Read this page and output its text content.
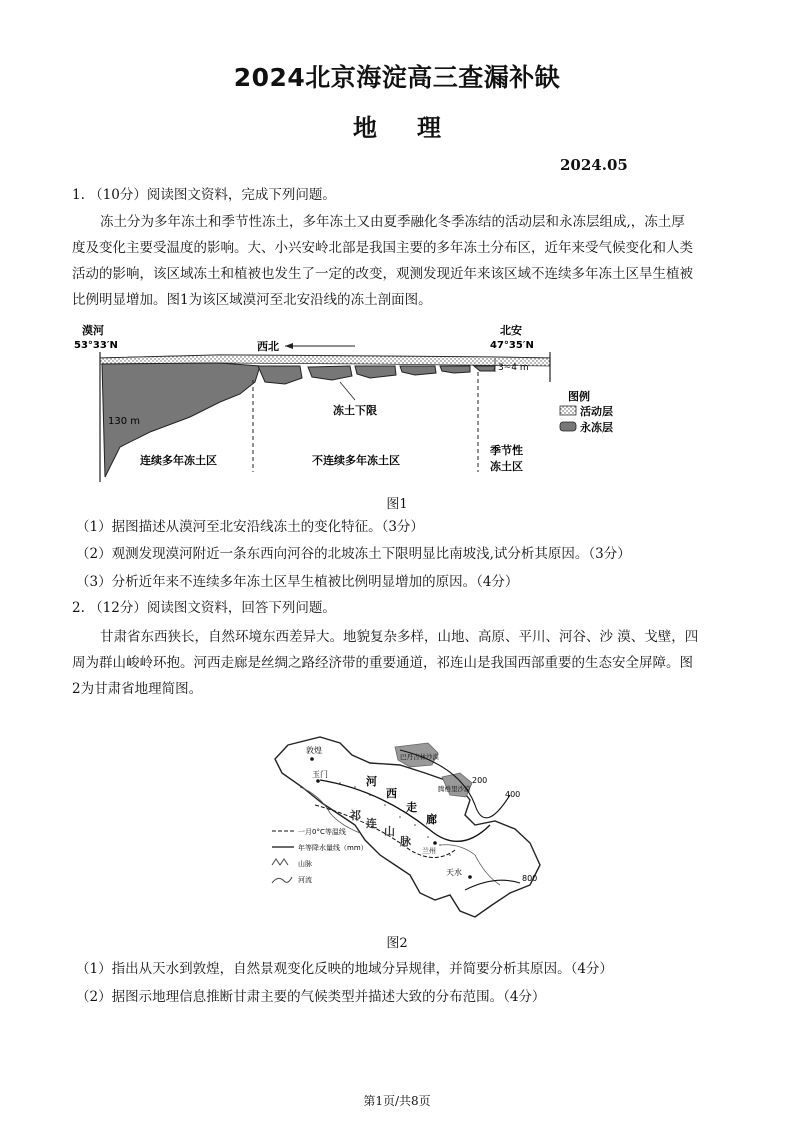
2024北京海淀高三查漏补缺
地 理
2024.05
1. （10分）阅读图文资料，完成下列问题。
冻土分为多年冻土和季节性冻土，多年冻土又由夏季融化冬季冻结的活动层和永冻层组成,，冻土厚
度及变化主要受温度的影响。大、小兴安岭北部是我国主要的多年冻土分布区，近年来受气候变化和人类
活动的影响，该区域冻土和植被也发生了一定的改变，观测发现近年来该区域不连续多年冻土区旱生植被
比例明显增加。图1为该区域漠河至北安沿线的冻土剖面图。
漠河
53°33′N
北安
47°35′N
西北
3~4 m
130 m
冻土下限
连续多年冻土区	不连续多年冻土区
季节性
冻土区
图例
活动层
永冻层
图1
（1）据图描述从漠河至北安沿线冻土的变化特征。（3分）
（2）观测发现漠河附近一条东西向河谷的北坡冻土下限明显比南坡浅,试分析其原因。（3分）
（3）分析近年来不连续多年冻土区旱生植被比例明显增加的原因。（4分）
2. （12分）阅读图文资料，回答下列问题。
甘肃省东西狭长，自然环境东西差异大。地貌复杂多样，山地、高原、平川、河谷、沙 漠、戈壁，四
周为群山峻岭环抱。河西走廊是丝绸之路经济带的重要通道，祁连山是我国西部重要的生态安全屏障。图
2为甘肃省地理简图。
敦煌
玉门
兰州
天水
巴丹吉林沙漠
腾格里沙漠
河
西
走
廊
祁
连
山
脉
200
400
800
一月0°C等温线
年等降水量线（mm）
山脉
河流
图2
（1）指出从天水到敦煌，自然景观变化反映的地域分异规律，并简要分析其原因。（4分）
（2）据图示地理信息推断甘肃主要的气候类型并描述大致的分布范围。（4分）
第1页/共8页
